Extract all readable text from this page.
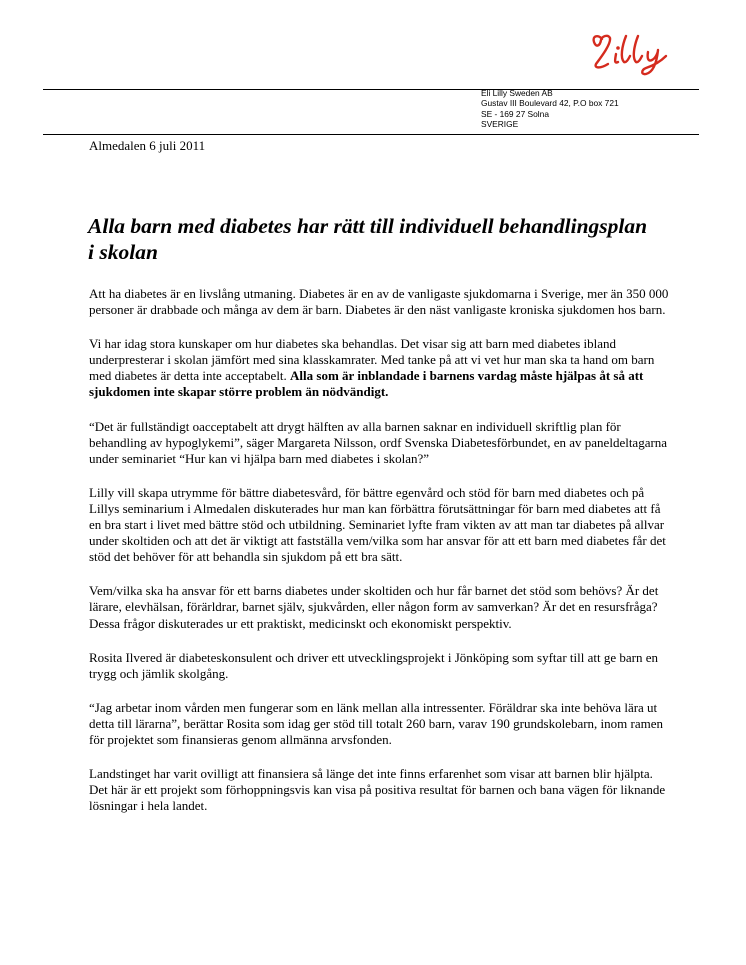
Eli Lilly Sweden AB
Gustav III Boulevard 42, P.O box 721
SE - 169 27 Solna
SVERIGE
Almedalen 6 juli 2011
Alla barn med diabetes har rätt till individuell behandlingsplan i skolan

Att ha diabetes är en livslång utmaning. Diabetes är en av de vanligaste sjukdomarna i Sverige, mer än 350 000 personer är drabbade och många av dem är barn. Diabetes är den näst vanligaste kroniska sjukdomen hos barn.

Vi har idag stora kunskaper om hur diabetes ska behandlas. Det visar sig att barn med diabetes ibland underpresterar i skolan jämfört med sina klasskamrater. Med tanke på att vi vet hur man ska ta hand om barn med diabetes är detta inte acceptabelt. Alla som är inblandade i barnens vardag måste hjälpas åt så att sjukdomen inte skapar större problem än nödvändigt.

“Det är fullständigt oacceptabelt att drygt hälften av alla barnen saknar en individuell skriftlig plan för behandling av hypoglykemi”, säger Margareta Nilsson, ordf Svenska Diabetesförbundet, en av paneldeltagarna under seminariet “Hur kan vi hjälpa barn med diabetes i skolan?”

Lilly vill skapa utrymme för bättre diabetesvård, för bättre egenvård och stöd för barn med diabetes och på Lillys seminarium i Almedalen diskuterades hur man kan förbättra förutsättningar för barn med diabetes att få en bra start i livet med bättre stöd och utbildning. Seminariet lyfte fram vikten av att man tar diabetes på allvar under skoltiden och att det är viktigt att fastställa vem/vilka som har ansvar för att ett barn med diabetes får det stöd det behöver för att behandla sin sjukdom på ett bra sätt.

Vem/vilka ska ha ansvar för ett barns diabetes under skoltiden och hur får barnet det stöd som behövs? Är det lärare, elevhälsan, förärldrar, barnet själv, sjukvården, eller någon form av samverkan? Är det en resursfråga? Dessa frågor diskuterades ur ett praktiskt, medicinskt och ekonomiskt perspektiv.

Rosita Ilvered är diabeteskonsulent och driver ett utvecklingsprojekt i Jönköping som syftar till att ge barn en trygg och jämlik skolgång.

“Jag arbetar inom vården men fungerar som en länk mellan alla intressenter. Föräldrar ska inte behöva lära ut detta till lärarna”, berättar Rosita som idag ger stöd till totalt 260 barn, varav 190 grundskolebarn, inom ramen för projektet som finansieras genom allmänna arvsfonden.

Landstinget har varit ovilligt att finansiera så länge det inte finns erfarenhet som visar att barnen blir hjälpta. Det här är ett projekt som förhoppningsvis kan visa på positiva resultat för barnen och bana vägen för liknande lösningar i hela landet.
